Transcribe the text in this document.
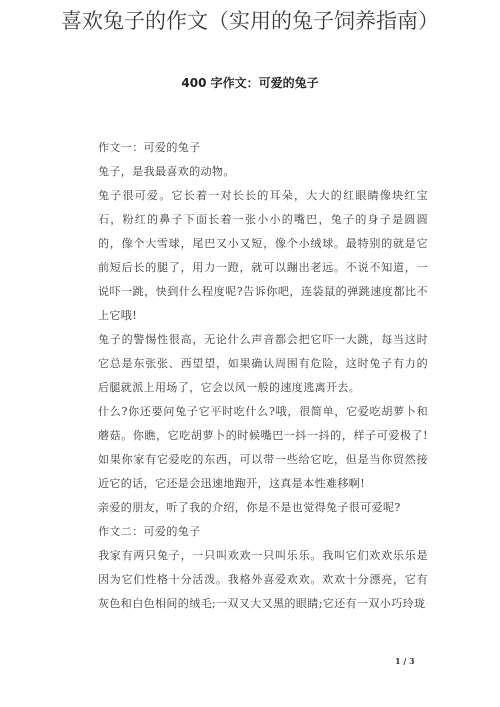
喜欢兔子的作文（实用的兔子饲养指南）
400 字作文：可爱的兔子

作文一：可爱的兔子

兔子，是我最喜欢的动物。

兔子很可爱。它长着一对长长的耳朵，大大的红眼睛像块红宝石，粉红的鼻子下面长着一张小小的嘴巴，兔子的身子是圆圆的，像个大雪球，尾巴又小又短，像个小绒球。最特别的就是它前短后长的腿了，用力一蹬，就可以蹦出老远。不说不知道，一说吓一跳，快到什么程度呢?告诉你吧，连袋鼠的弹跳速度都比不上它哦!

兔子的警惕性很高，无论什么声音都会把它吓一大跳，每当这时它总是东张张、西望望，如果确认周围有危险，这时兔子有力的后腿就派上用场了，它会以风一般的速度逃离开去。

什么?你还要问兔子它平时吃什么?哦，很简单，它爱吃胡萝卜和蘑菇。你瞧，它吃胡萝卜的时候嘴巴一抖一抖的，样子可爱极了!如果你家有它爱吃的东西，可以带一些给它吃，但是当你贸然接近它的话，它还是会迅速地跑开，这真是本性难移啊!

亲爱的朋友，听了我的介绍，你是不是也觉得兔子很可爱呢?

作文二：可爱的兔子

我家有两只兔子，一只叫欢欢一只叫乐乐。我叫它们欢欢乐乐是因为它们性格十分活泼。我格外喜爱欢欢。欢欢十分漂亮，它有灰色和白色相间的绒毛;一双又大又黑的眼睛;它还有一双小巧玲珑

1 / 3
